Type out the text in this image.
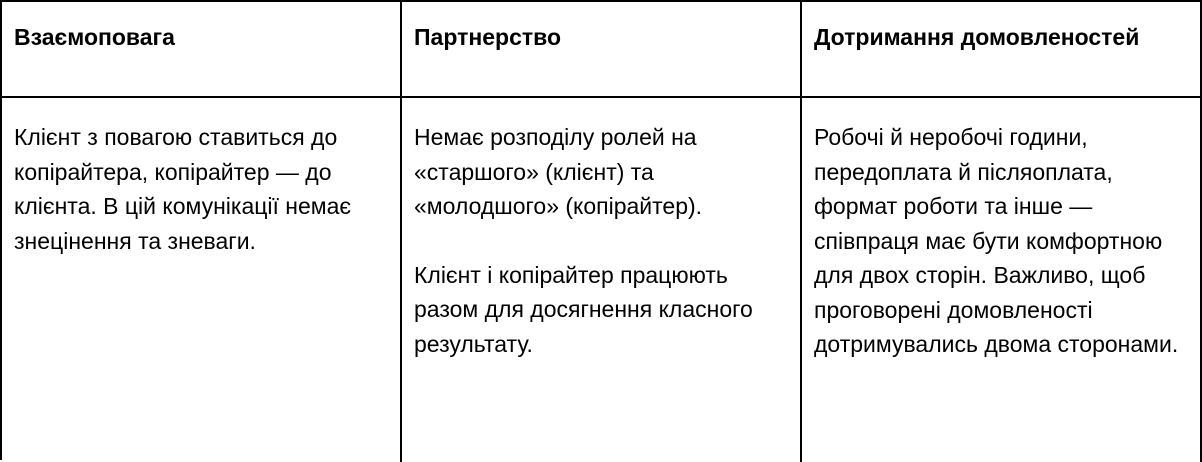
Взаємоповага	Партнерство	Дотримання домовленостей

Клієнт з повагою ставиться до копірайтера, копірайтер — до клієнта. В цій комунікації немає знецінення та зневаги.

Немає розподілу ролей на «старшого» (клієнт) та «молодшого» (копірайтер).

Клієнт і копірайтер працюють разом для досягнення класного результату.

Робочі й неробочі години, передоплата й післяоплата, формат роботи та інше — співпраця має бути комфортною для двох сторін. Важливо, щоб проговорені домовленості дотримувались двома сторонами.
